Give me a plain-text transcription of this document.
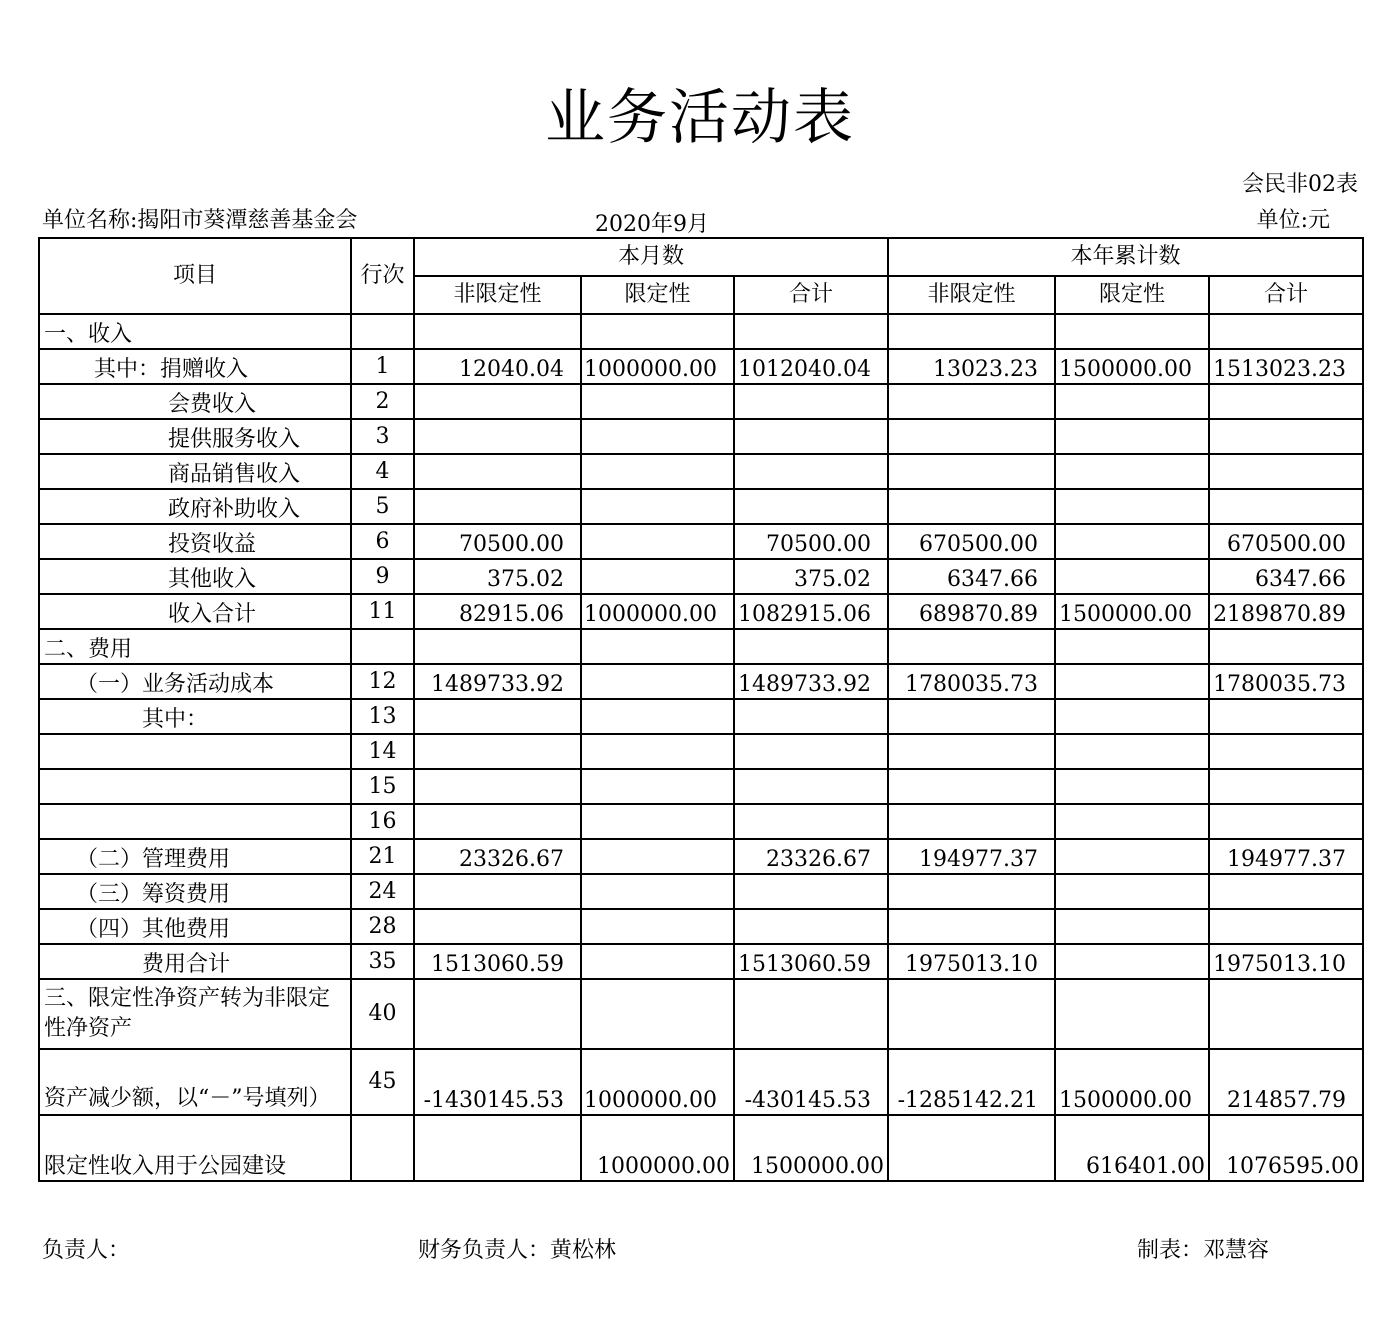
业务活动表
会民非02表
单位名称:揭阳市葵潭慈善基金会	2020年9月	单位:元
项目	行次	本月数			本年累计数		
		非限定性	限定性	合计	非限定性	限定性	合计
一、收入							
其中：捐赠收入	1	12040.04	1000000.00	1012040.04	13023.23	1500000.00	1513023.23
会费收入	2						
提供服务收入	3						
商品销售收入	4						
政府补助收入	5						
投资收益	6	70500.00		70500.00	670500.00		670500.00
其他收入	9	375.02		375.02	6347.66		6347.66
收入合计	11	82915.06	1000000.00	1082915.06	689870.89	1500000.00	2189870.89
二、费用							
（一）业务活动成本	12	1489733.92		1489733.92	1780035.73		1780035.73
其中：	13						
	14						
	15						
	16						
（二）管理费用	21	23326.67		23326.67	194977.37		194977.37
（三）筹资费用	24						
（四）其他费用	28						
费用合计	35	1513060.59		1513060.59	1975013.10		1975013.10
三、限定性净资产转为非限定性净资产	40						

资产减少额，以“－”号填列）	45	-1430145.53	1000000.00	-430145.53	-1285142.21	1500000.00	214857.79
限定性收入用于公园建设			1000000.00	1500000.00		616401.00	1076595.00
负责人：	财务负责人：黄松林	制表：邓慧容
